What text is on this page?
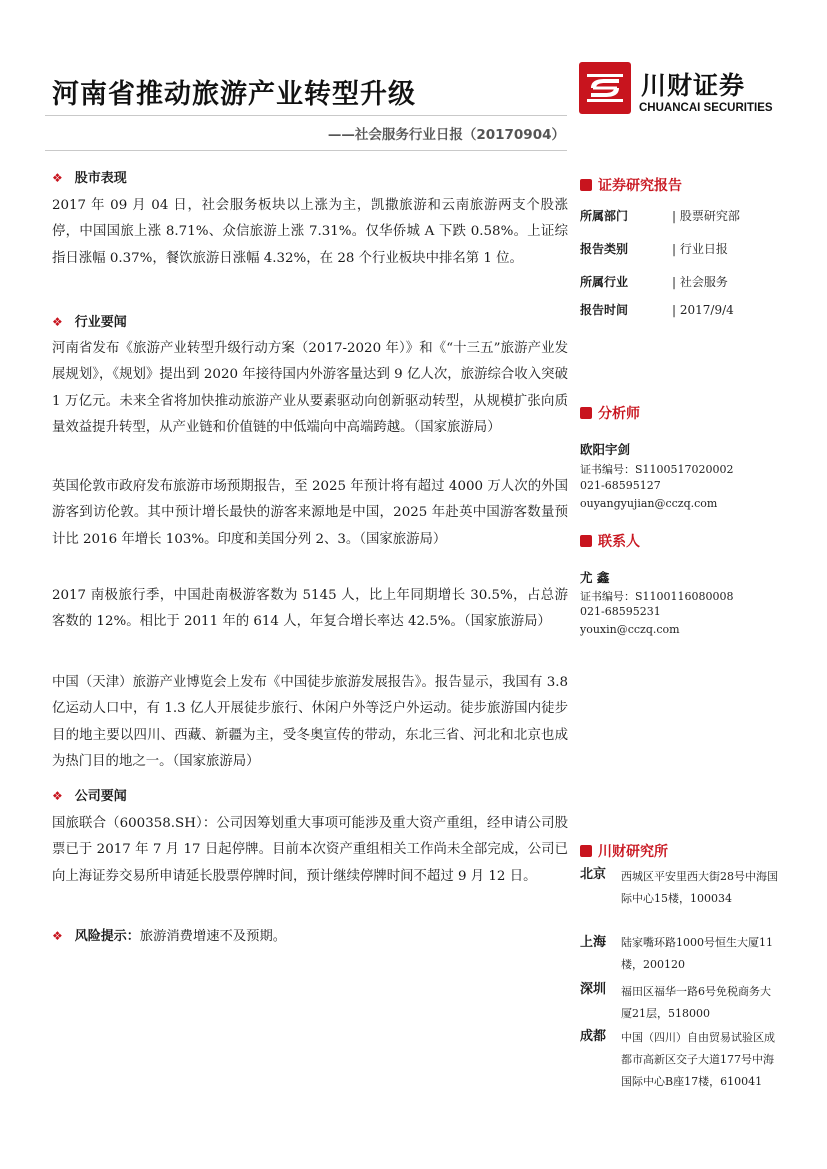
河南省推动旅游产业转型升级	川财证券
CHUANCAI SECURITIES
——社会服务行业日报（20170904）
❖ 股市表现
2017 年 09 月 04 日，社会服务板块以上涨为主，凯撒旅游和云南旅游两支个股涨停，中国国旅上涨 8.71%、众信旅游上涨 7.31%。仅华侨城 A 下跌 0.58%。上证综指日涨幅 0.37%，餐饮旅游日涨幅 4.32%，在 28 个行业板块中排名第 1 位。
❖ 行业要闻
河南省发布《旅游产业转型升级行动方案（2017-2020 年）》和《“十三五”旅游产业发展规划》，《规划》提出到 2020 年接待国内外游客量达到 9 亿人次，旅游综合收入突破 1 万亿元。未来全省将加快推动旅游产业从要素驱动向创新驱动转型，从规模扩张向质量效益提升转型，从产业链和价值链的中低端向中高端跨越。（国家旅游局）
英国伦敦市政府发布旅游市场预期报告，至 2025 年预计将有超过 4000 万人次的外国游客到访伦敦。其中预计增长最快的游客来源地是中国，2025 年赴英中国游客数量预计比 2016 年增长 103%。印度和美国分列 2、3。（国家旅游局）
2017 南极旅行季，中国赴南极游客数为 5145 人，比上年同期增长 30.5%，占总游客数的 12%。相比于 2011 年的 614 人，年复合增长率达 42.5%。（国家旅游局）
中国（天津）旅游产业博览会上发布《中国徒步旅游发展报告》。报告显示，我国有 3.8 亿运动人口中，有 1.3 亿人开展徒步旅行、休闲户外等泛户外运动。徒步旅游国内徒步目的地主要以四川、西藏、新疆为主，受冬奥宣传的带动，东北三省、河北和北京也成为热门目的地之一。（国家旅游局）
❖ 公司要闻
国旅联合（600358.SH）：公司因筹划重大事项可能涉及重大资产重组，经申请公司股票已于 2017 年 7 月 17 日起停牌。目前本次资产重组相关工作尚未全部完成，公司已向上海证券交易所申请延长股票停牌时间，预计继续停牌时间不超过 9 月 12 日。
❖ 风险提示：旅游消费增速不及预期。
证券研究报告
所属部门	| 股票研究部
报告类别	| 行业日报
所属行业	| 社会服务
报告时间	| 2017/9/4
分析师
欧阳宇剑
证书编号：S1100517020002
021-68595127
ouyangyujian@cczq.com
联系人
尤 鑫
证书编号：S1100116080008
021-68595231
youxin@cczq.com
川财研究所
北京 西城区平安里西大街28号中海国际中心15楼，100034
上海 陆家嘴环路1000号恒生大厦11楼，200120
深圳 福田区福华一路6号免税商务大厦21层，518000
成都 中国（四川）自由贸易试验区成都市高新区交子大道177号中海国际中心B座17楼，610041
